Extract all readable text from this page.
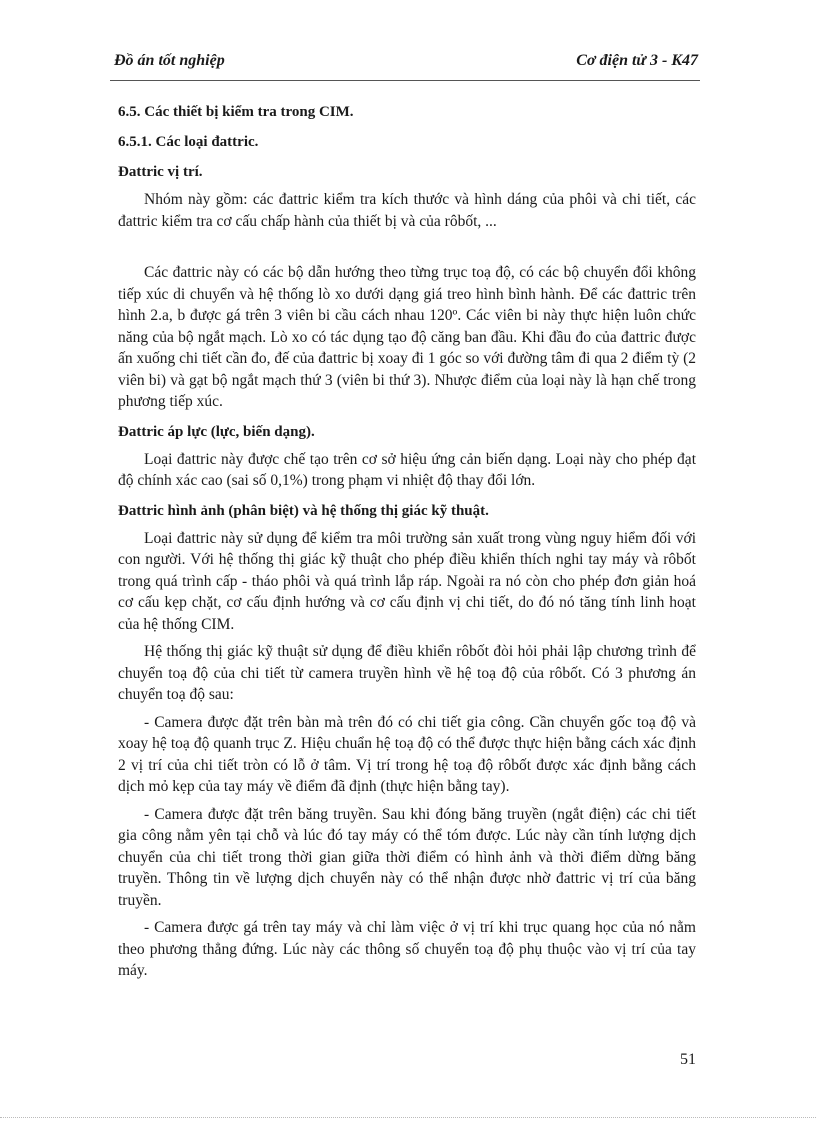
Đồ án tốt nghiệp	Cơ điện tử 3 - K47

6.5. Các thiết bị kiểm tra trong CIM.

6.5.1. Các loại đattric.

Đattric vị trí.

Nhóm này gồm: các đattric kiểm tra kích thước và hình dáng của phôi và chi tiết, các đattric kiểm tra cơ cấu chấp hành của thiết bị và của rôbốt, ...

Các đattric này có các bộ dẫn hướng theo từng trục toạ độ, có các bộ chuyển đổi không tiếp xúc di chuyển và hệ thống lò xo dưới dạng giá treo hình bình hành. Để các đattric trên hình 2.a, b được gá trên 3 viên bi cầu cách nhau 120º. Các viên bi này thực hiện luôn chức năng của bộ ngắt mạch. Lò xo có tác dụng tạo độ căng ban đầu. Khi đầu đo của đattric được ấn xuống chi tiết cần đo, đế của đattric bị xoay đi 1 góc so với đường tâm đi qua 2 điểm tỳ (2 viên bi) và gạt bộ ngắt mạch thứ 3 (viên bi thứ 3). Nhược điểm của loại này là hạn chế trong phương tiếp xúc.

Đattric áp lực (lực, biến dạng).

Loại đattric này được chế tạo trên cơ sở hiệu ứng cản biến dạng. Loại này cho phép đạt độ chính xác cao (sai số 0,1%) trong phạm vi nhiệt độ thay đổi lớn.

Đattric hình ảnh (phân biệt) và hệ thống thị giác kỹ thuật.

Loại đattric này sử dụng để kiểm tra môi trường sản xuất trong vùng nguy hiểm đối với con người. Với hệ thống thị giác kỹ thuật cho phép điều khiển thích nghi tay máy và rôbốt trong quá trình cấp - tháo phôi và quá trình lắp ráp. Ngoài ra nó còn cho phép đơn giản hoá cơ cấu kẹp chặt, cơ cấu định hướng và cơ cấu định vị chi tiết, do đó nó tăng tính linh hoạt của hệ thống CIM.

Hệ thống thị giác kỹ thuật sử dụng để điều khiển rôbốt đòi hỏi phải lập chương trình để chuyển toạ độ của chi tiết từ camera truyền hình về hệ toạ độ của rôbốt. Có 3 phương án chuyển toạ độ sau:

- Camera được đặt trên bàn mà trên đó có chi tiết gia công. Cần chuyển gốc toạ độ và xoay hệ toạ độ quanh trục Z. Hiệu chuẩn hệ toạ độ có thể được thực hiện bằng cách xác định 2 vị trí của chi tiết tròn có lỗ ở tâm. Vị trí trong hệ toạ độ rôbốt được xác định bằng cách dịch mỏ kẹp của tay máy về điểm đã định (thực hiện bằng tay).

- Camera được đặt trên băng truyền. Sau khi đóng băng truyền (ngắt điện) các chi tiết gia công nằm yên tại chỗ và lúc đó tay máy có thể tóm được. Lúc này cần tính lượng dịch chuyển của chi tiết trong thời gian giữa thời điểm có hình ảnh và thời điểm dừng băng truyền. Thông tin về lượng dịch chuyển này có thể nhận được nhờ đattric vị trí của băng truyền.

- Camera được gá trên tay máy và chỉ làm việc ở vị trí khi trục quang học của nó nằm theo phương thẳng đứng. Lúc này các thông số chuyển toạ độ phụ thuộc vào vị trí của tay máy.

51
